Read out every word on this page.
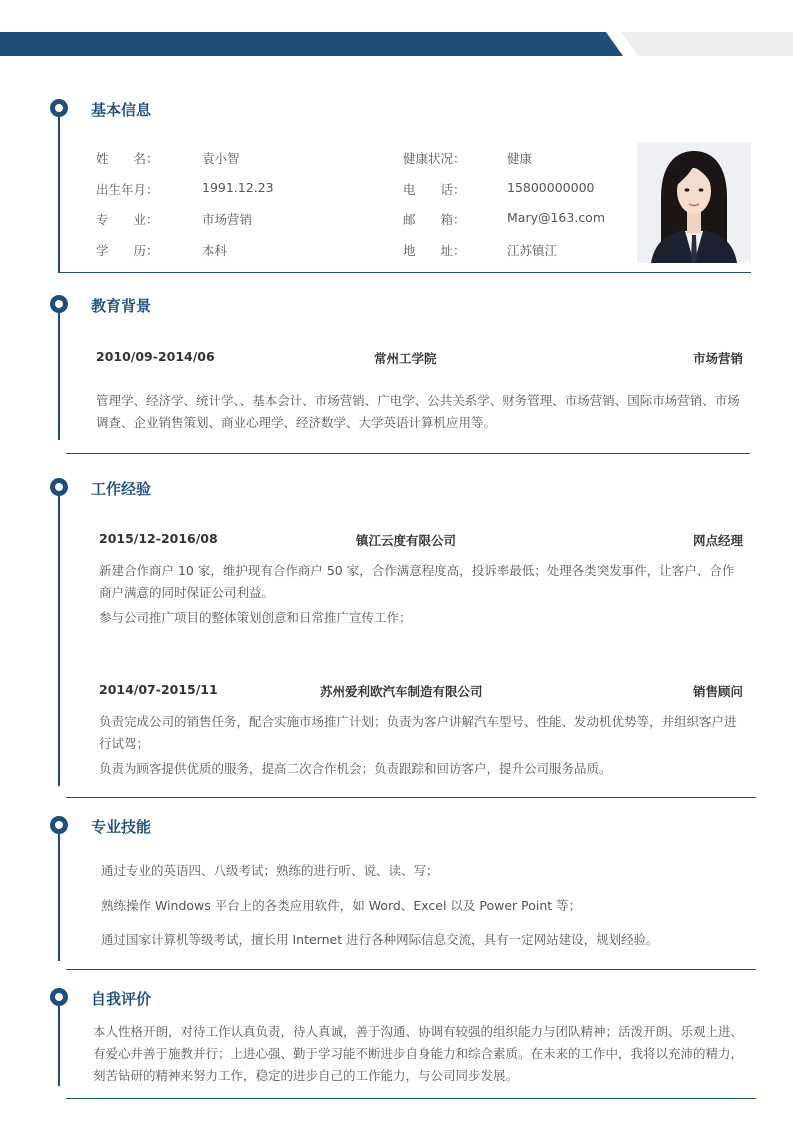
基本信息
姓　　名：	袁小智	健康状况：	健康
出生年月：	1991.12.23	电　　话：	15800000000
专　　业：	市场营销	邮　　箱：	Mary@163.com
学　　历：	本科	地　　址：	江苏镇江
教育背景
2010/09-2014/06	常州工学院	市场营销
管理学、经济学、统计学、、基本会计、市场营销、广电学、公共关系学、财务管理、市场营销、国际市场营销、市场调查、企业销售策划、商业心理学、经济数学、大学英语计算机应用等。
工作经验
2015/12-2016/08	镇江云度有限公司	网点经理
新建合作商户 10 家，维护现有合作商户 50 家，合作满意程度高，投诉率最低；处理各类突发事件，让客户、合作商户满意的同时保证公司利益。
参与公司推广项目的整体策划创意和日常推广宣传工作；
2014/07-2015/11	苏州爱利欧汽车制造有限公司	销售顾问
负责完成公司的销售任务，配合实施市场推广计划；负责为客户讲解汽车型号、性能、发动机优势等，并组织客户进行试驾；
负责为顾客提供优质的服务，提高二次合作机会；负责跟踪和回访客户，提升公司服务品质。
专业技能
通过专业的英语四、八级考试；熟练的进行听、说、读、写；
熟练操作 Windows 平台上的各类应用软件，如 Word、Excel 以及 Power Point 等；
通过国家计算机等级考试，擅长用 Internet 进行各种网际信息交流，具有一定网站建设，规划经验。
自我评价
本人性格开朗，对待工作认真负责，待人真诚，善于沟通、协调有较强的组织能力与团队精神；活泼开朗、乐观上进、有爱心并善于施教并行；上进心强、勤于学习能不断进步自身能力和综合素质。在未来的工作中，我将以充沛的精力，刻苦钻研的精神来努力工作，稳定的进步自己的工作能力，与公司同步发展。
